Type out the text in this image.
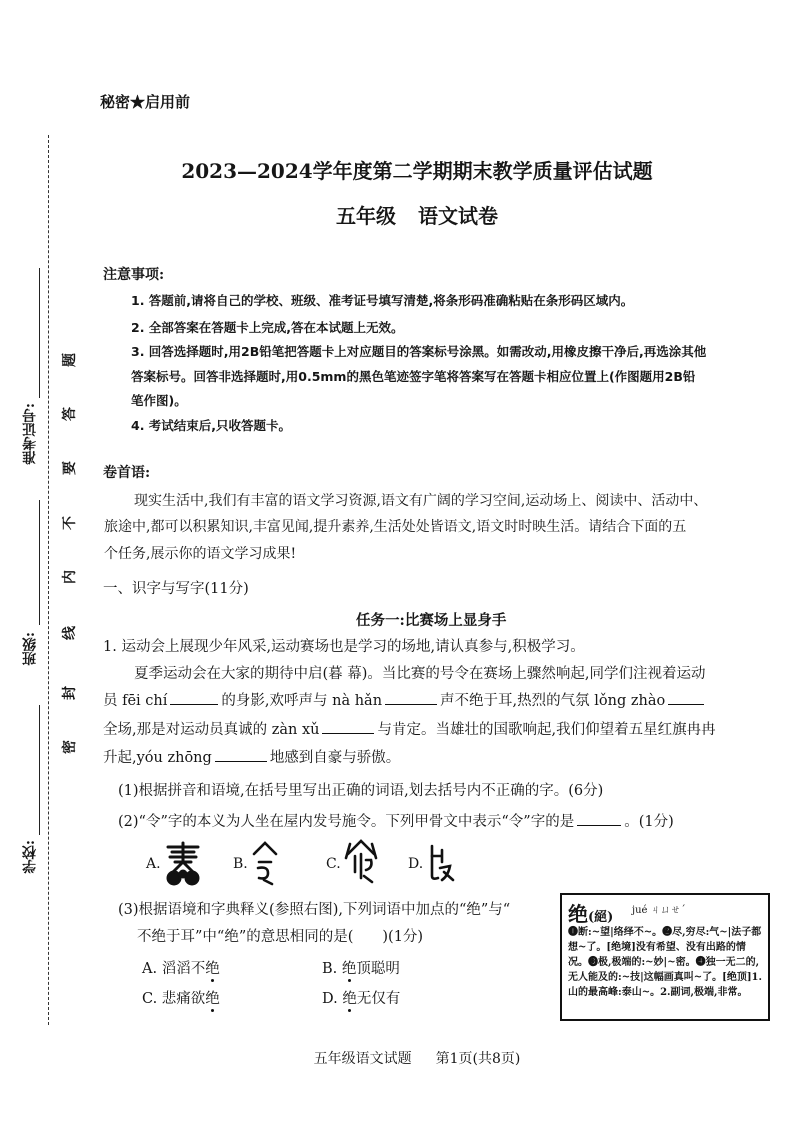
学校:
班级:
准考证号:
密
封
线
内
不
要
答
题
秘密★启用前
2023—2024学年度第二学期期末教学质量评估试题
五年级 语文试卷
注意事项:
1. 答题前,请将自己的学校、班级、准考证号填写清楚,将条形码准确粘贴在条形码区域内。
2. 全部答案在答题卡上完成,答在本试题上无效。
3. 回答选择题时,用2B铅笔把答题卡上对应题目的答案标号涂黑。如需改动,用橡皮擦干净后,再选涂其他
答案标号。回答非选择题时,用0.5mm的黑色笔迹签字笔将答案写在答题卡相应位置上(作图题用2B铅
笔作图)。
4. 考试结束后,只收答题卡。
卷首语:
现实生活中,我们有丰富的语文学习资源,语文有广阔的学习空间,运动场上、阅读中、活动中、
旅途中,都可以积累知识,丰富见闻,提升素养,生活处处皆语文,语文时时映生活。请结合下面的五
个任务,展示你的语文学习成果!
一、识字与写字(11分)
任务一:比赛场上显身手
1. 运动会上展现少年风采,运动赛场也是学习的场地,请认真参与,积极学习。
夏季运动会在大家的期待中启(暮 幕)。当比赛的号令在赛场上骤然响起,同学们注视着运动
员 fēi chí	的身影,欢呼声与 nà hǎn	声不绝于耳,热烈的气氛 lǒng zhào
全场,那是对运动员真诚的 zàn xǔ	与肯定。当雄壮的国歌响起,我们仰望着五星红旗冉冉
升起,yóu zhōng	地感到自豪与骄傲。
(1)根据拼音和语境,在括号里写出正确的词语,划去括号内不正确的字。(6分)
(2)“令”字的本义为人坐在屋内发号施令。下列甲骨文中表示“令”字的是	。(1分)
A.	B.	C.	D.
(3)根据语境和字典释义(参照右图),下列词语中加点的“绝”与“
不绝于耳”中“绝”的意思相同的是(　　)(1分)
A. 滔滔不绝	B. 绝顶聪明
C. 悲痛欲绝	D. 绝无仅有
绝(絕) jué ㄐㄩㄝˊ
❶断:~望|络绎不~。❷尽,穷尽:气~|法子都想~了。[绝境]没有希望、没有出路的情况。❸极,极端的:~妙|~密。❹独一无二的,无人能及的:~技|这幅画真叫~了。[绝顶]1.山的最高峰:泰山~。2.副词,极端,非常。
五年级语文试题 第1页(共8页)
